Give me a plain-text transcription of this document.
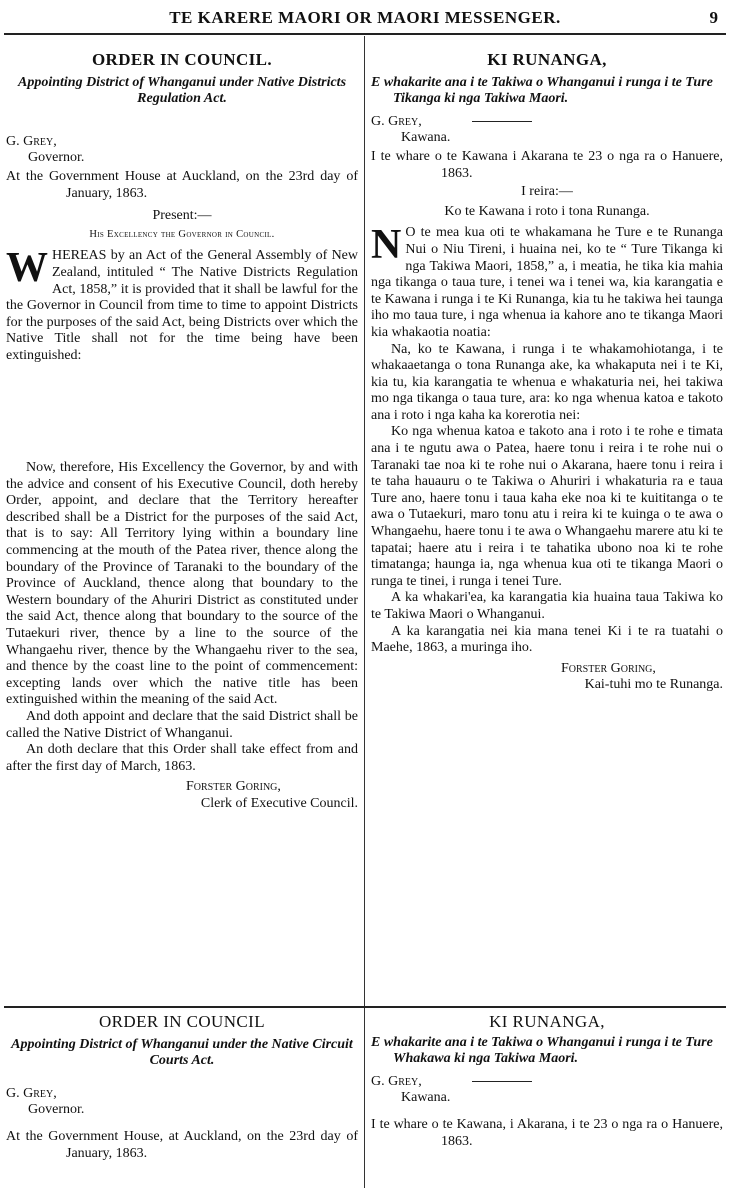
TE KARERE MAORI OR MAORI MESSENGER.	9

ORDER IN COUNCIL.

Appointing District of Whanganui under Native Districts Regulation Act.

G. Grey,

Governor.

At the Government House at Auckland, on the 23rd day of January, 1863.

Present:—

His Excellency the Governor in Council.

W HEREAS by an Act of the General Assembly of New Zealand, intituled “ The Native Districts Regulation Act, 1858,” it is provided that it shall be lawful for the the Governor in Council from time to time to appoint Districts for the purposes of the said Act, being Districts over which the Native Title shall not for the time being have been extinguished:

Now, therefore, His Excellency the Governor, by and with the advice and consent of his Executive Council, doth hereby Order, appoint, and declare that the Territory hereafter described shall be a District for the purposes of the said Act, that is to say: All Territory lying within a boundary line commencing at the mouth of the Patea river, thence along the boundary of the Province of Taranaki to the boundary of the Province of Auckland, thence along that boundary to the Western boundary of the Ahuriri District as constituted under the said Act, thence along that boundary to the source of the Tutaekuri river, thence by a line to the source of the Whangaehu river, thence by the Whangaehu river to the sea, and thence by the coast line to the point of commencement: excepting lands over which the native title has been extinguished within the meaning of the said Act.

And doth appoint and declare that the said District shall be called the Native District of Whanganui.

An doth declare that this Order shall take effect from and after the first day of March, 1863.

Forster Goring,

Clerk of Executive Council.

ORDER IN COUNCIL

Appointing District of Whanganui under the Native Circuit Courts Act.

G. Grey,

Governor.

At the Government House, at Auckland, on the 23rd day of January, 1863.

KI RUNANGA,

E whakarite ana i te Takiwa o Whanganui i runga i te Ture Tikanga ki nga Takiwa Maori.

G. Grey,

Kawana.

I te whare o te Kawana i Akarana te 23 o nga ra o Hanuere, 1863.

I reira:—

Ko te Kawana i roto i tona Runanga.

N O te mea kua oti te whakamana he Ture e te Runanga Nui o Niu Tireni, i huaina nei, ko te “ Ture Tikanga ki nga Takiwa Maori, 1858,” a, i meatia, he tika kia mahia nga tikanga o taua ture, i tenei wa i tenei wa, kia karangatia e te Kawana i runga i te Ki Runanga, kia tu he takiwa hei taunga iho mo taua ture, i nga whenua ia kahore ano te tikanga Maori kia whakaotia noatia:

Na, ko te Kawana, i runga i te whakamohiotanga, i te whakaaetanga o tona Runanga ake, ka whakaputa nei i te Ki, kia tu, kia karangatia te whenua e whakaturia nei, hei takiwa mo nga tikanga o taua ture, ara: ko nga whenua katoa e takoto ana i roto i nga kaha ka korerotia nei:

Ko nga whenua katoa e takoto ana i roto i te rohe e timata ana i te ngutu awa o Patea, haere tonu i reira i te rohe nui o Taranaki tae noa ki te rohe nui o Akarana, haere tonu i reira i te taha hauauru o te Takiwa o Ahuriri i whakaturia ra e taua Ture ano, haere tonu i taua kaha eke noa ki te kuititanga o te awa o Tutaekuri, maro tonu atu i reira ki te kuinga o te awa o Whangaehu, haere tonu i te awa o Whangaehu marere atu ki te tapatai; haere atu i reira i te tahatika ubono noa ki te rohe timatanga; haunga ia, nga whenua kua oti te tikanga Maori o runga te tinei, i runga i tenei Ture.

A ka whakari'ea, ka karangatia kia huaina taua Takiwa ko te Takiwa Maori o Whanganui.

A ka karangatia nei kia mana tenei Ki i te ra tuatahi o Maehe, 1863, a muringa iho.

Forster Goring,

Kai-tuhi mo te Runanga.

KI RUNANGA,

E whakarite ana i te Takiwa o Whanganui i runga i te Ture Whakawa ki nga Takiwa Maori.

G. Grey,

Kawana.

I te whare o te Kawana, i Akarana, i te 23 o nga ra o Hanuere, 1863.
